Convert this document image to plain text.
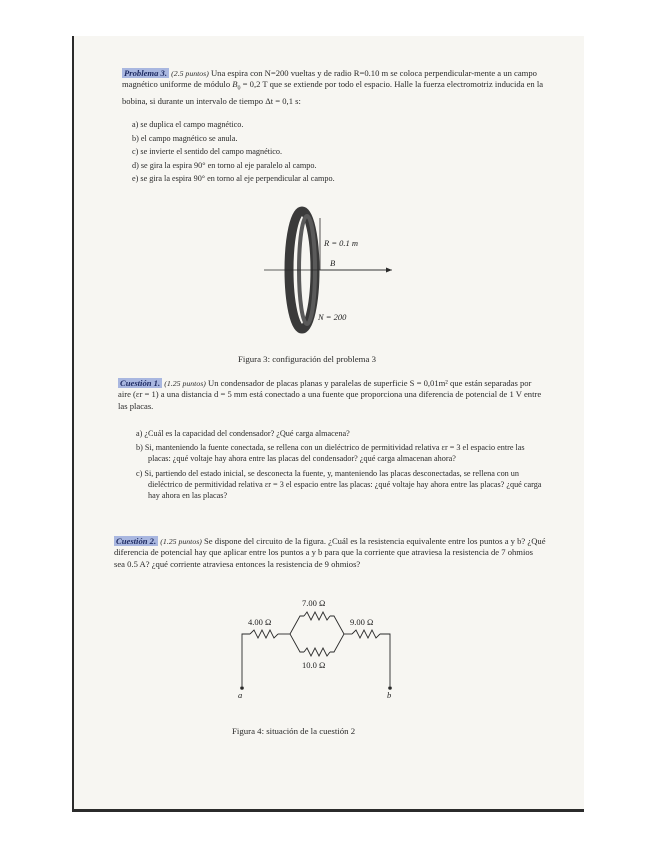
Problema 3. (2.5 puntos) Una espira con N=200 vueltas y de radio R=0.10 m se coloca perpendicular-mente a un campo magnético uniforme de módulo $B_0 = 0,2$ T que se extiende por todo el espacio. Halle la fuerza electromotriz inducida en la bobina, si durante un intervalo de tiempo Δt = 0,1 s:
a) se duplica el campo magnético.
b) el campo magnético se anula.
c) se invierte el sentido del campo magnético.
d) se gira la espira 90° en torno al eje paralelo al campo.
e) se gira la espira 90° en torno al eje perpendicular al campo.
R = 0.1 m
B
N = 200
Figura 3: configuración del problema 3
Cuestión 1. (1.25 puntos) Un condensador de placas planas y paralelas de superficie S = 0,01m² que están separadas por aire (εr = 1) a una distancia d = 5 mm está conectado a una fuente que proporciona una diferencia de potencial de 1 V entre las placas.
a) ¿Cuál es la capacidad del condensador? ¿Qué carga almacena?
b) Si, manteniendo la fuente conectada, se rellena con un dieléctrico de permitividad relativa εr = 3 el espacio entre las placas: ¿qué voltaje hay ahora entre las placas del condensador? ¿qué carga almacenan ahora?
c) Si, partiendo del estado inicial, se desconecta la fuente, y, manteniendo las placas desconectadas, se rellena con un dieléctrico de permitividad relativa εr = 3 el espacio entre las placas: ¿qué voltaje hay ahora entre las placas? ¿qué carga hay ahora en las placas?
Cuestión 2. (1.25 puntos) Se dispone del circuito de la figura. ¿Cuál es la resistencia equivalente entre los puntos a y b? ¿Qué diferencia de potencial hay que aplicar entre los puntos a y b para que la corriente que atraviesa la resistencia de 7 ohmios sea 0.5 A? ¿qué corriente atraviesa entonces la resistencia de 9 ohmios?
4.00 Ω
7.00 Ω
9.00 Ω
10.0 Ω
a	b
Figura 4: situación de la cuestión 2
